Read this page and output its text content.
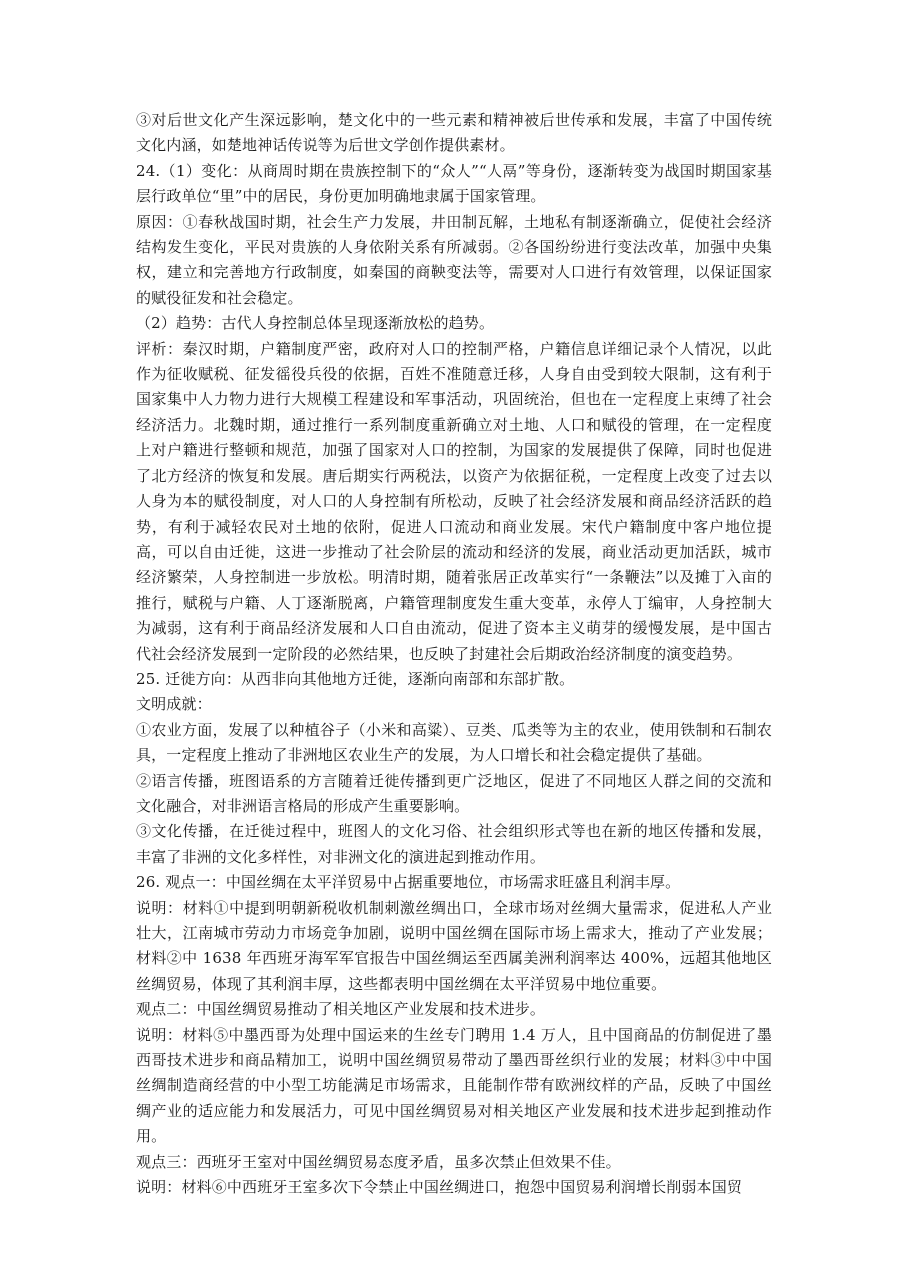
③对后世文化产生深远影响，楚文化中的一些元素和精神被后世传承和发展，丰富了中国传统文化内涵，如楚地神话传说等为后世文学创作提供素材。

24.（1）变化：从商周时期在贵族控制下的“众人”“人鬲”等身份，逐渐转变为战国时期国家基层行政单位“里”中的居民，身份更加明确地隶属于国家管理。

原因：①春秋战国时期，社会生产力发展，井田制瓦解，土地私有制逐渐确立，促使社会经济结构发生变化，平民对贵族的人身依附关系有所减弱。②各国纷纷进行变法改革，加强中央集权，建立和完善地方行政制度，如秦国的商鞅变法等，需要对人口进行有效管理，以保证国家的赋役征发和社会稳定。

（2）趋势：古代人身控制总体呈现逐渐放松的趋势。

评析：秦汉时期，户籍制度严密，政府对人口的控制严格，户籍信息详细记录个人情况，以此作为征收赋税、征发徭役兵役的依据，百姓不准随意迁移，人身自由受到较大限制，这有利于国家集中人力物力进行大规模工程建设和军事活动，巩固统治，但也在一定程度上束缚了社会经济活力。北魏时期，通过推行一系列制度重新确立对土地、人口和赋役的管理，在一定程度上对户籍进行整顿和规范，加强了国家对人口的控制，为国家的发展提供了保障，同时也促进了北方经济的恢复和发展。唐后期实行两税法，以资产为依据征税，一定程度上改变了过去以人身为本的赋役制度，对人口的人身控制有所松动，反映了社会经济发展和商品经济活跃的趋势，有利于减轻农民对土地的依附，促进人口流动和商业发展。宋代户籍制度中客户地位提高，可以自由迁徙，这进一步推动了社会阶层的流动和经济的发展，商业活动更加活跃，城市经济繁荣，人身控制进一步放松。明清时期，随着张居正改革实行“一条鞭法”以及摊丁入亩的推行，赋税与户籍、人丁逐渐脱离，户籍管理制度发生重大变革，永停人丁编审，人身控制大为减弱，这有利于商品经济发展和人口自由流动，促进了资本主义萌芽的缓慢发展，是中国古代社会经济发展到一定阶段的必然结果，也反映了封建社会后期政治经济制度的演变趋势。

25. 迁徙方向：从西非向其他地方迁徙，逐渐向南部和东部扩散。

文明成就：

①农业方面，发展了以种植谷子（小米和高粱）、豆类、瓜类等为主的农业，使用铁制和石制农具，一定程度上推动了非洲地区农业生产的发展，为人口增长和社会稳定提供了基础。

②语言传播，班图语系的方言随着迁徙传播到更广泛地区，促进了不同地区人群之间的交流和文化融合，对非洲语言格局的形成产生重要影响。

③文化传播，在迁徙过程中，班图人的文化习俗、社会组织形式等也在新的地区传播和发展，丰富了非洲的文化多样性，对非洲文化的演进起到推动作用。

26. 观点一：中国丝绸在太平洋贸易中占据重要地位，市场需求旺盛且利润丰厚。

说明：材料①中提到明朝新税收机制刺激丝绸出口，全球市场对丝绸大量需求，促进私人产业壮大，江南城市劳动力市场竞争加剧，说明中国丝绸在国际市场上需求大，推动了产业发展；材料②中 1638 年西班牙海军军官报告中国丝绸运至西属美洲利润率达 400%，远超其他地区丝绸贸易，体现了其利润丰厚，这些都表明中国丝绸在太平洋贸易中地位重要。

观点二：中国丝绸贸易推动了相关地区产业发展和技术进步。

说明：材料⑤中墨西哥为处理中国运来的生丝专门聘用 1.4 万人，且中国商品的仿制促进了墨西哥技术进步和商品精加工，说明中国丝绸贸易带动了墨西哥丝织行业的发展；材料③中中国丝绸制造商经营的中小型工坊能满足市场需求，且能制作带有欧洲纹样的产品，反映了中国丝绸产业的适应能力和发展活力，可见中国丝绸贸易对相关地区产业发展和技术进步起到推动作用。

观点三：西班牙王室对中国丝绸贸易态度矛盾，虽多次禁止但效果不佳。

说明：材料⑥中西班牙王室多次下令禁止中国丝绸进口，抱怨中国贸易利润增长削弱本国贸
